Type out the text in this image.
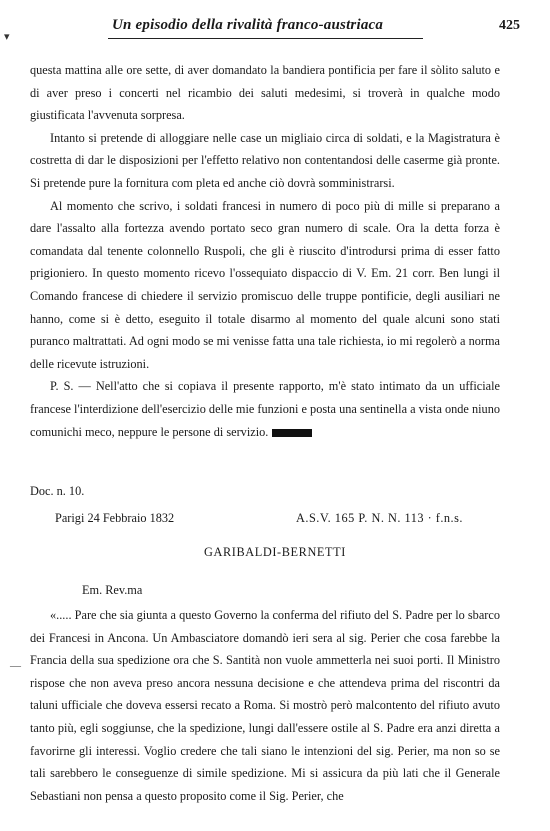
▾
—
Un episodio della rivalità franco-austriaca	425

questa mattina alle ore sette, di aver domandato la bandiera pontificia per fare il sòlito saluto e di aver preso i concerti nel ricambio dei saluti medesimi, si troverà in qualche modo giustificata l'avvenuta sorpresa.

Intanto si pretende di alloggiare nelle case un migliaio circa di soldati, e la Magistratura è costretta di dar le disposizioni per l'effetto relativo non contentandosi delle caserme già pronte. Si pretende pure la fornitura com pleta ed anche ciò dovrà somministrarsi.

Al momento che scrivo, i soldati francesi in numero di poco più di mille si preparano a dare l'assalto alla fortezza avendo portato seco gran numero di scale. Ora la detta forza è comandata dal tenente colonnello Ruspoli, che gli è riuscito d'introdursi prima di esser fatto prigioniero. In questo momento ricevo l'ossequiato dispaccio di V. Em. 21 corr. Ben lungi il Comando francese di chiedere il servizio promiscuo delle truppe pontificie, degli ausiliari ne hanno, come si è detto, eseguito il totale disarmo al momento del quale alcuni sono stati puranco maltrattati. Ad ogni modo se mi venisse fatta una tale richiesta, io mi regolerò a norma delle ricevute istruzioni.

P. S. — Nell'atto che si copiava il presente rapporto, m'è stato intimato da un ufficiale francese l'interdizione dell'esercizio delle mie funzioni e posta una sentinella a vista onde niuno comunichi meco, neppure le persone di servizio.

Doc. n. 10.
Parigi 24 Febbraio 1832	A.S.V. 165 P. N. N. 113 · f.n.s.
GARIBALDI-BERNETTI
Em. Rev.ma

«..... Pare che sia giunta a questo Governo la conferma del rifiuto del S. Padre per lo sbarco dei Francesi in Ancona. Un Ambasciatore domandò ieri sera al sig. Perier che cosa farebbe la Francia della sua spedizione ora che S. Santità non vuole ammetterla nei suoi porti. Il Ministro rispose che non aveva preso ancora nessuna decisione e che attendeva prima del riscontri da taluni ufficiale che doveva essersi recato a Roma. Si mostrò però malcontento del rifiuto avuto tanto più, egli soggiunse, che la spedizione, lungi dall'essere ostile al S. Padre era anzi diretta a favorirne gli interessi. Voglio credere che tali siano le intenzioni del sig. Perier, ma non so se tali sarebbero le conseguenze di simile spedizione. Mi si assicura da più lati che il Generale Sebastiani non pensa a questo proposito come il Sig. Perier, che
